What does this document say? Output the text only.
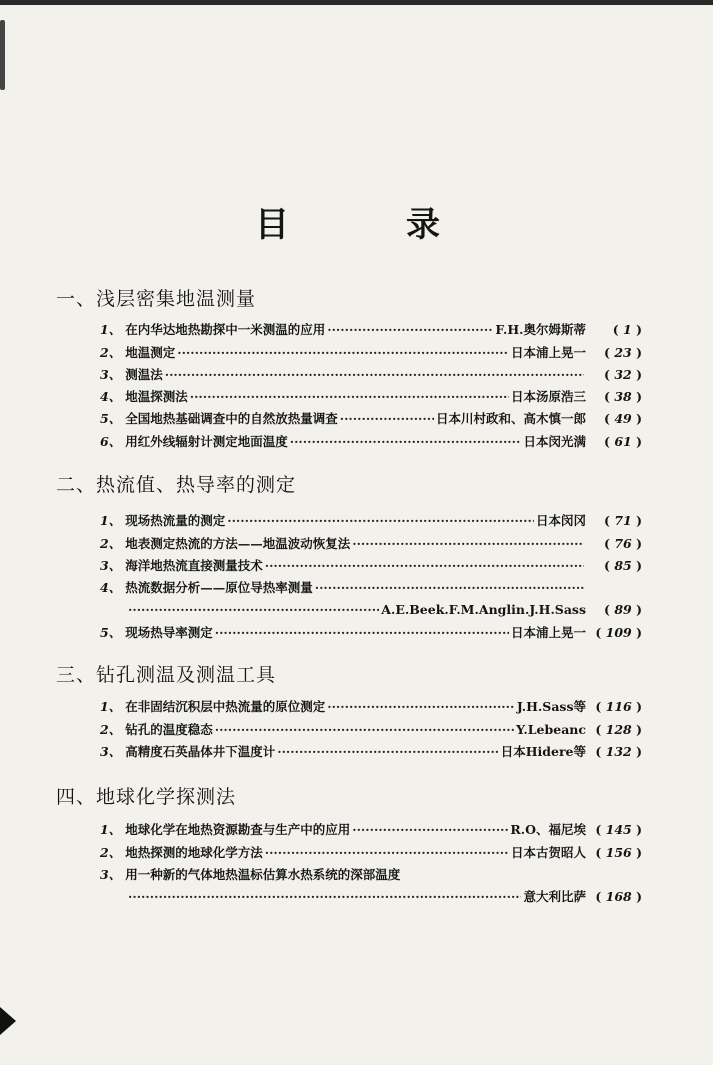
目	录
一、浅层密集地温测量
1、 在内华达地热勘探中一米测温的应用 ·····	F.H.奥尔姆斯蒂	( 1 )
2、 地温测定 ·····	日本浦上晃一	( 23 )
3、 测温法 ·····	( 32 )
4、 地温探测法 ·····	日本汤原浩三	( 38 )
5、 全国地热基础调查中的自然放热量调查 ·····	日本川村政和、高木慎一郎	( 49 )
6、 用红外线辐射计测定地面温度 ·····	日本闵光满	( 61 )
二、热流值、热导率的测定
1、 现场热流量的测定 ·····	日本闵冈	( 71 )
2、 地表测定热流的方法——地温波动恢复法 ·····	( 76 )
3、 海洋地热流直接测量技术 ·····	( 85 )
4、 热流数据分析——原位导热率测量
·····
·····
A.E.Beek.F.M.Anglin.J.H.Sass	( 89 )
5、 现场热导率测定 ·····	日本浦上晃一 ( 109 )
三、钻孔测温及测温工具
1、 在非固结沉积层中热流量的原位测定 ·····	J.H.Sass等 ( 116 )
2、 钻孔的温度稳态 ·····	Y.Lebeanc ( 128 )
3、 高精度石英晶体井下温度计 ·····	日本Hidere等 ( 132 )
四、地球化学探测法
1、 地球化学在地热资源勘查与生产中的应用 ·····	R.O、福尼埃 ( 145 )
2、 地热探测的地球化学方法 ·····	日本古贺昭人 ( 156 )
3、 用一种新的气体地热温标估算水热系统的深部温度
·····
意大利比萨 ( 168 )
